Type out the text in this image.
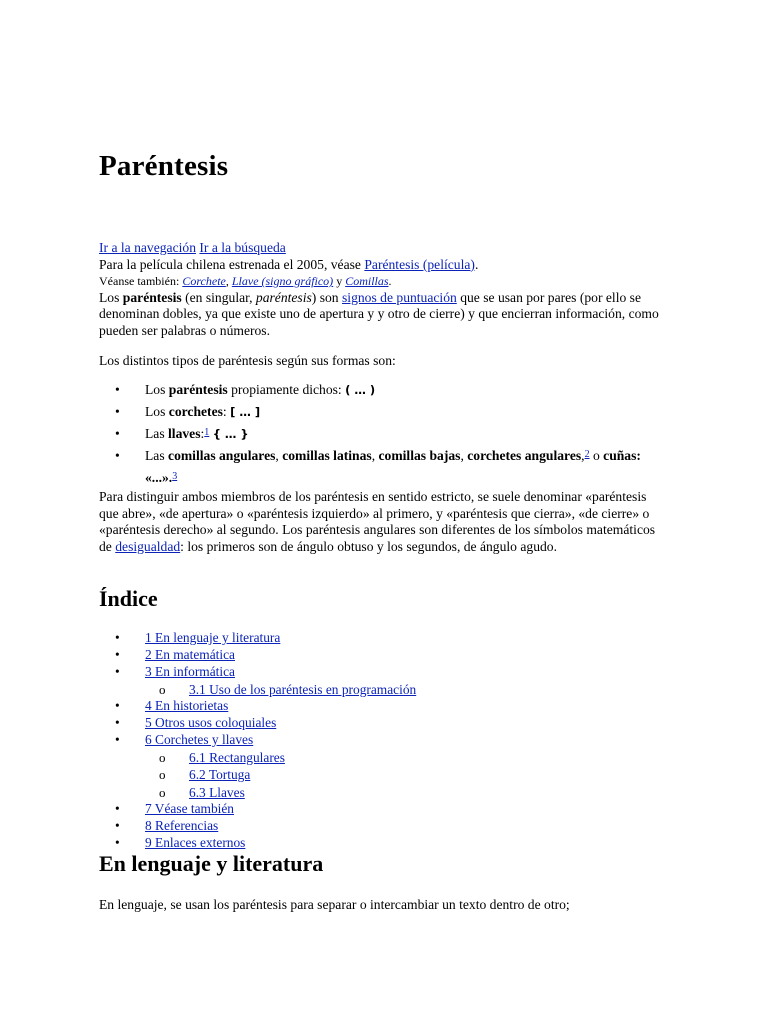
Paréntesis

Ir a la navegación Ir a la búsqueda

Para la película chilena estrenada el 2005, véase Paréntesis (película).

Véanse también: Corchete, Llave (signo gráfico) y Comillas.

Los paréntesis (en singular, paréntesis) son signos de puntuación que se usan por pares (por ello se denominan dobles, ya que existe uno de apertura y y otro de cierre) y que encierran información, como pueden ser palabras o números.

Los distintos tipos de paréntesis según sus formas son:

• Los paréntesis propiamente dichos: ( … )
• Los corchetes: [ … ]
• Las llaves:$^1$ { … }
• Las comillas angulares, comillas latinas, comillas bajas, corchetes angulares,$^2$ o cuñas: «...».$^3$

Para distinguir ambos miembros de los paréntesis en sentido estricto, se suele denominar «paréntesis que abre», «de apertura» o «paréntesis izquierdo» al primero, y «paréntesis que cierra», «de cierre» o «paréntesis derecho» al segundo. Los paréntesis angulares son diferentes de los símbolos matemáticos de desigualdad: los primeros son de ángulo obtuso y los segundos, de ángulo agudo.

Índice
• 1 En lenguaje y literatura
• 2 En matemática
• 3 En informática
o 3.1 Uso de los paréntesis en programación
• 4 En historietas
• 5 Otros usos coloquiales
• 6 Corchetes y llaves
o 6.1 Rectangulares
o 6.2 Tortuga
o 6.3 Llaves
• 7 Véase también
• 8 Referencias
• 9 Enlaces externos
En lenguaje y literatura

En lenguaje, se usan los paréntesis para separar o intercambiar un texto dentro de otro;
